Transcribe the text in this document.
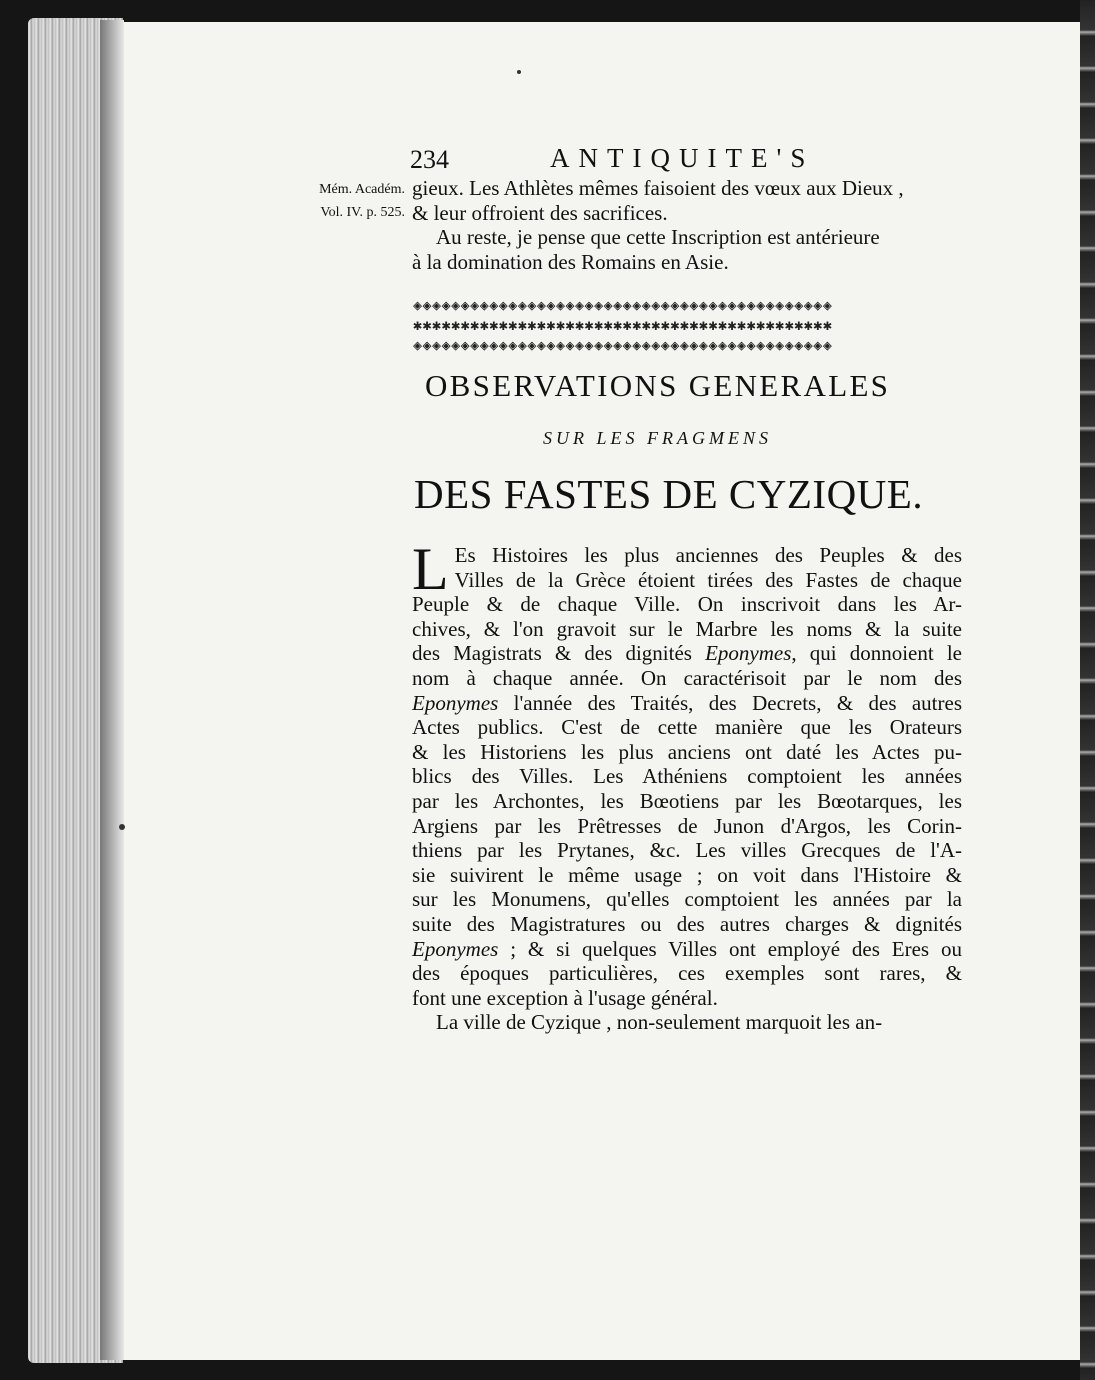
234	ANTIQUITE'S
Mém. Académ.
Vol. IV. p. 525.

gieux. Les Athlètes mêmes faisoient des vœux aux Dieux ,

& leur offroient des sacrifices.

Au reste, je pense que cette Inscription est antérieure

à la domination des Romains en Asie.

◈◈◈◈◈◈◈◈◈◈◈◈◈◈◈◈◈◈◈◈◈◈◈◈◈◈◈◈◈◈◈◈◈◈◈◈◈◈◈◈◈◈◈◈
✱✱✱✱✱✱✱✱✱✱✱✱✱✱✱✱✱✱✱✱✱✱✱✱✱✱✱✱✱✱✱✱✱✱✱✱✱✱✱✱✱✱✱✱
◈◈◈◈◈◈◈◈◈◈◈◈◈◈◈◈◈◈◈◈◈◈◈◈◈◈◈◈◈◈◈◈◈◈◈◈◈◈◈◈◈◈◈◈
OBSERVATIONS GENERALES
SUR LES FRAGMENS
DES FASTES DE CYZIQUE.
L Es Histoires les plus anciennes des Peuples & des
Villes de la Grèce étoient tirées des Fastes de chaque
Peuple & de chaque Ville. On inscrivoit dans les Ar-
chives, & l'on gravoit sur le Marbre les noms & la suite
des Magistrats & des dignités Eponymes, qui donnoient le
nom à chaque année. On caractérisoit par le nom des
Eponymes l'année des Traités, des Decrets, & des autres
Actes publics. C'est de cette manière que les Orateurs
& les Historiens les plus anciens ont daté les Actes pu-
blics des Villes. Les Athéniens comptoient les années
par les Archontes, les Bœotiens par les Bœotarques, les
Argiens par les Prêtresses de Junon d'Argos, les Corin-
thiens par les Prytanes, &c. Les villes Grecques de l'A-
sie suivirent le même usage ; on voit dans l'Histoire &
sur les Monumens, qu'elles comptoient les années par la
suite des Magistratures ou des autres charges & dignités
Eponymes ; & si quelques Villes ont employé des Eres ou
des époques particulières, ces exemples sont rares, &
font une exception à l'usage général.
La ville de Cyzique , non-seulement marquoit les an-
